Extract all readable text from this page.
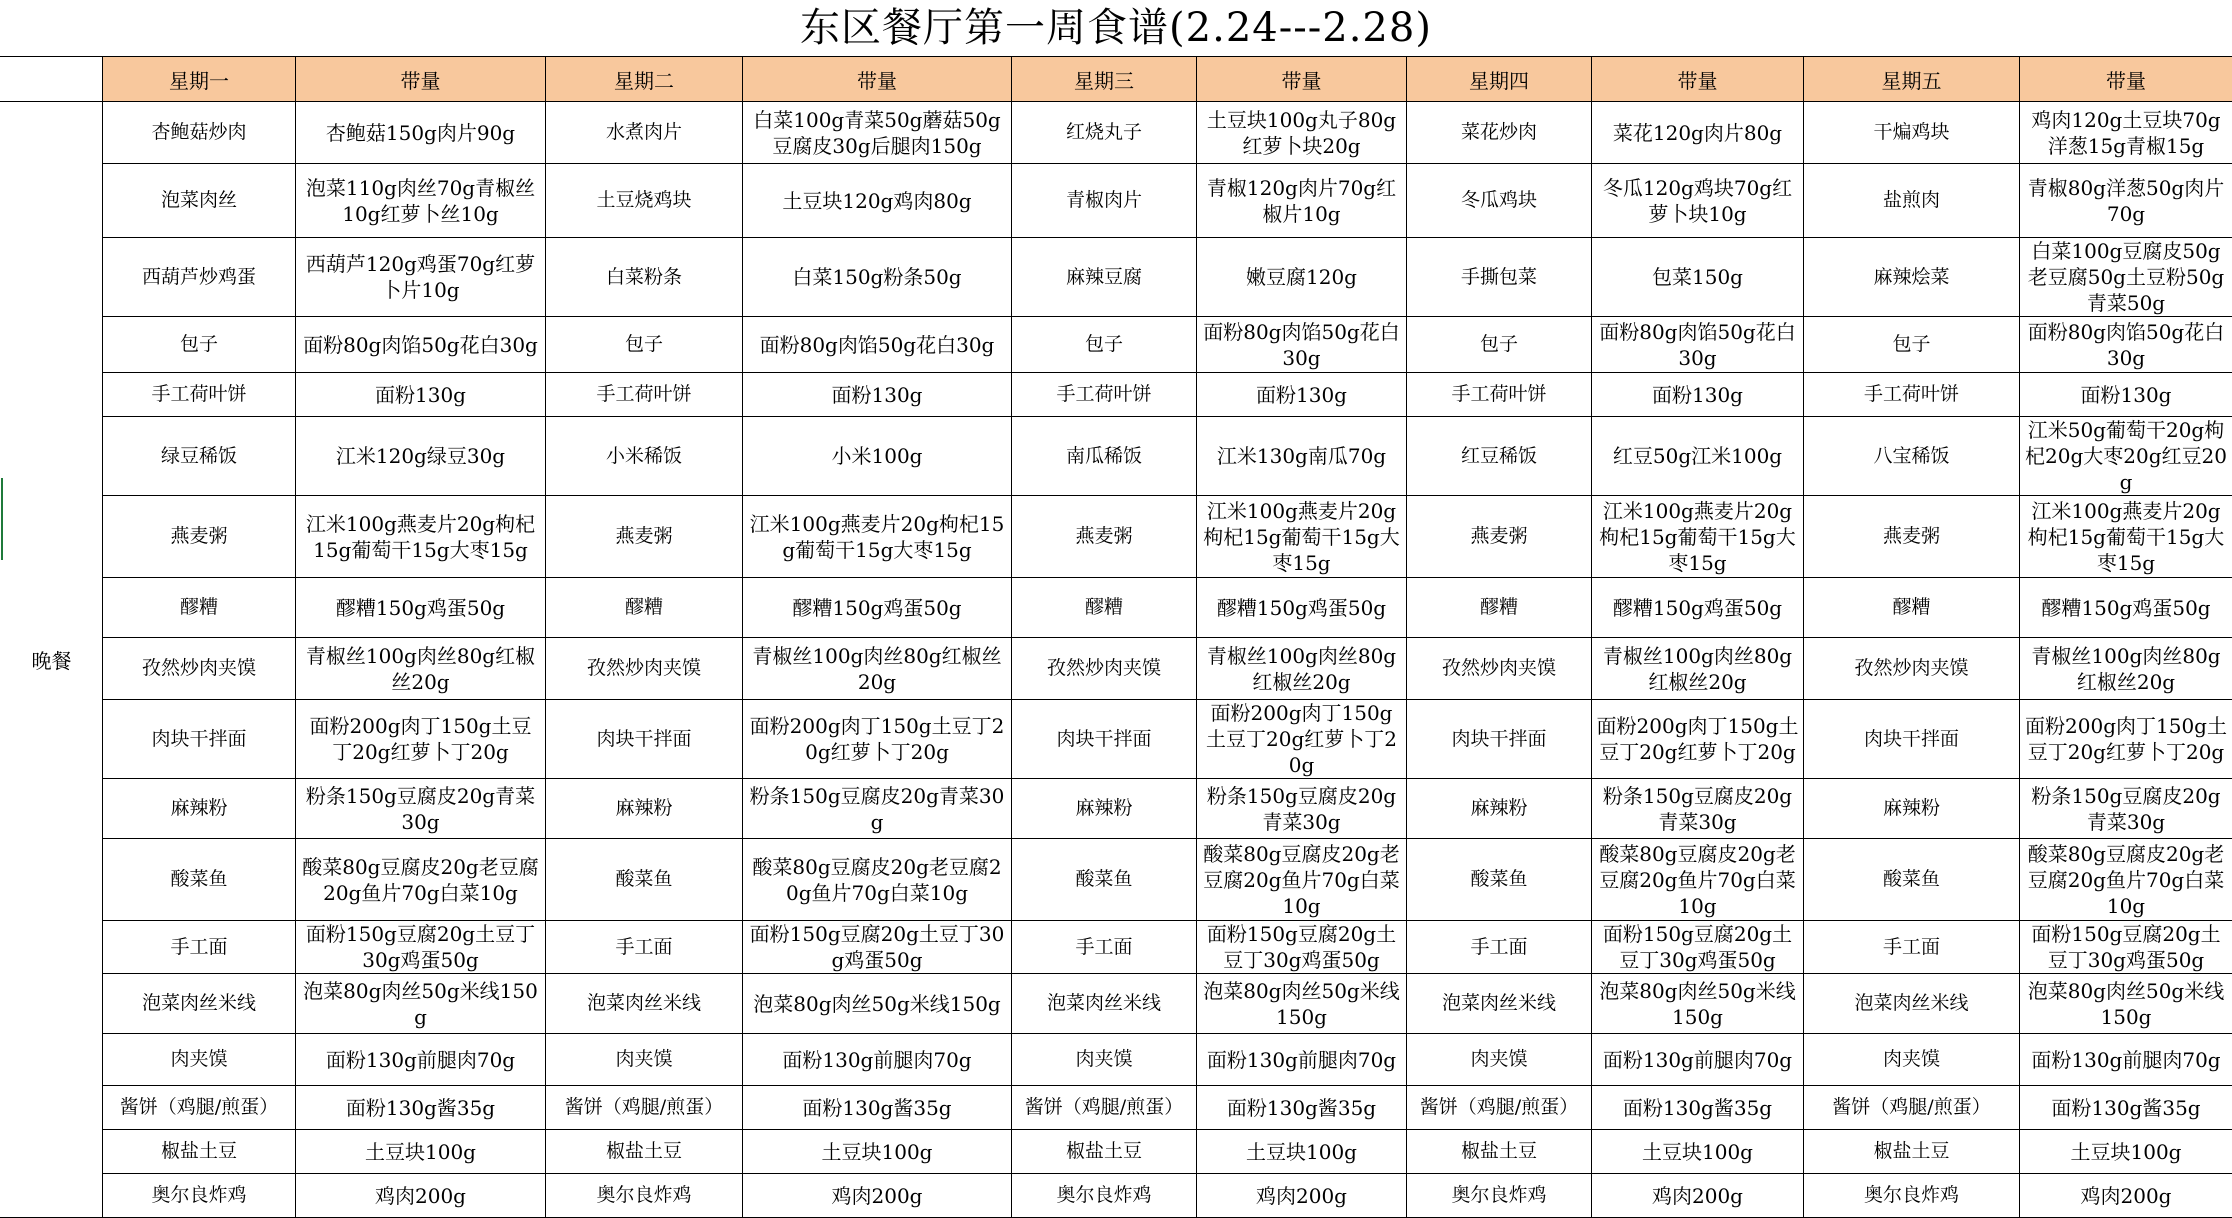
东区餐厅第一周食谱(2.24---2.28)
	星期一	带量	星期二	带量	星期三	带量	星期四	带量	星期五	带量
晚餐	杏鲍菇炒肉	杏鲍菇150g肉片90g	水煮肉片	白菜100g青菜50g蘑菇50g豆腐皮30g后腿肉150g	红烧丸子	土豆块100g丸子80g红萝卜块20g	菜花炒肉	菜花120g肉片80g	干煸鸡块	鸡肉120g土豆块70g洋葱15g青椒15g
	泡菜肉丝	泡菜110g肉丝70g青椒丝10g红萝卜丝10g	土豆烧鸡块	土豆块120g鸡肉80g	青椒肉片	青椒120g肉片70g红椒片10g	冬瓜鸡块	冬瓜120g鸡块70g红萝卜块10g	盐煎肉	青椒80g洋葱50g肉片70g
	西葫芦炒鸡蛋	西葫芦120g鸡蛋70g红萝卜片10g	白菜粉条	白菜150g粉条50g	麻辣豆腐	嫩豆腐120g	手撕包菜	包菜150g	麻辣烩菜	白菜100g豆腐皮50g老豆腐50g土豆粉50g青菜50g
	包子	面粉80g肉馅50g花白30g	包子	面粉80g肉馅50g花白30g	包子	面粉80g肉馅50g花白30g	包子	面粉80g肉馅50g花白30g	包子	面粉80g肉馅50g花白30g
	手工荷叶饼	面粉130g	手工荷叶饼	面粉130g	手工荷叶饼	面粉130g	手工荷叶饼	面粉130g	手工荷叶饼	面粉130g
	绿豆稀饭	江米120g绿豆30g	小米稀饭	小米100g	南瓜稀饭	江米130g南瓜70g	红豆稀饭	红豆50g江米100g	八宝稀饭	江米50g葡萄干20g枸杞20g大枣20g红豆20g
	燕麦粥	江米100g燕麦片20g枸杞15g葡萄干15g大枣15g	燕麦粥	江米100g燕麦片20g枸杞15g葡萄干15g大枣15g	燕麦粥	江米100g燕麦片20g枸杞15g葡萄干15g大枣15g	燕麦粥	江米100g燕麦片20g枸杞15g葡萄干15g大枣15g	燕麦粥	江米100g燕麦片20g枸杞15g葡萄干15g大枣15g
	醪糟	醪糟150g鸡蛋50g	醪糟	醪糟150g鸡蛋50g	醪糟	醪糟150g鸡蛋50g	醪糟	醪糟150g鸡蛋50g	醪糟	醪糟150g鸡蛋50g
	孜然炒肉夹馍	青椒丝100g肉丝80g红椒丝20g	孜然炒肉夹馍	青椒丝100g肉丝80g红椒丝20g	孜然炒肉夹馍	青椒丝100g肉丝80g红椒丝20g	孜然炒肉夹馍	青椒丝100g肉丝80g红椒丝20g	孜然炒肉夹馍	青椒丝100g肉丝80g红椒丝20g
	肉块干拌面	面粉200g肉丁150g土豆丁20g红萝卜丁20g	肉块干拌面	面粉200g肉丁150g土豆丁20g红萝卜丁20g	肉块干拌面	面粉200g肉丁150g土豆丁20g红萝卜丁20g	肉块干拌面	面粉200g肉丁150g土豆丁20g红萝卜丁20g	肉块干拌面	面粉200g肉丁150g土豆丁20g红萝卜丁20g
	麻辣粉	粉条150g豆腐皮20g青菜30g	麻辣粉	粉条150g豆腐皮20g青菜30g	麻辣粉	粉条150g豆腐皮20g青菜30g	麻辣粉	粉条150g豆腐皮20g青菜30g	麻辣粉	粉条150g豆腐皮20g青菜30g
	酸菜鱼	酸菜80g豆腐皮20g老豆腐20g鱼片70g白菜10g	酸菜鱼	酸菜80g豆腐皮20g老豆腐20g鱼片70g白菜10g	酸菜鱼	酸菜80g豆腐皮20g老豆腐20g鱼片70g白菜10g	酸菜鱼	酸菜80g豆腐皮20g老豆腐20g鱼片70g白菜10g	酸菜鱼	酸菜80g豆腐皮20g老豆腐20g鱼片70g白菜10g
	手工面	面粉150g豆腐20g土豆丁30g鸡蛋50g	手工面	面粉150g豆腐20g土豆丁30g鸡蛋50g	手工面	面粉150g豆腐20g土豆丁30g鸡蛋50g	手工面	面粉150g豆腐20g土豆丁30g鸡蛋50g	手工面	面粉150g豆腐20g土豆丁30g鸡蛋50g
	泡菜肉丝米线	泡菜80g肉丝50g米线150g	泡菜肉丝米线	泡菜80g肉丝50g米线150g	泡菜肉丝米线	泡菜80g肉丝50g米线150g	泡菜肉丝米线	泡菜80g肉丝50g米线150g	泡菜肉丝米线	泡菜80g肉丝50g米线150g
	肉夹馍	面粉130g前腿肉70g	肉夹馍	面粉130g前腿肉70g	肉夹馍	面粉130g前腿肉70g	肉夹馍	面粉130g前腿肉70g	肉夹馍	面粉130g前腿肉70g
	酱饼（鸡腿/煎蛋）	面粉130g酱35g	酱饼（鸡腿/煎蛋）	面粉130g酱35g	酱饼（鸡腿/煎蛋）	面粉130g酱35g	酱饼（鸡腿/煎蛋）	面粉130g酱35g	酱饼（鸡腿/煎蛋）	面粉130g酱35g
	椒盐土豆	土豆块100g	椒盐土豆	土豆块100g	椒盐土豆	土豆块100g	椒盐土豆	土豆块100g	椒盐土豆	土豆块100g
	奥尔良炸鸡	鸡肉200g	奥尔良炸鸡	鸡肉200g	奥尔良炸鸡	鸡肉200g	奥尔良炸鸡	鸡肉200g	奥尔良炸鸡	鸡肉200g
